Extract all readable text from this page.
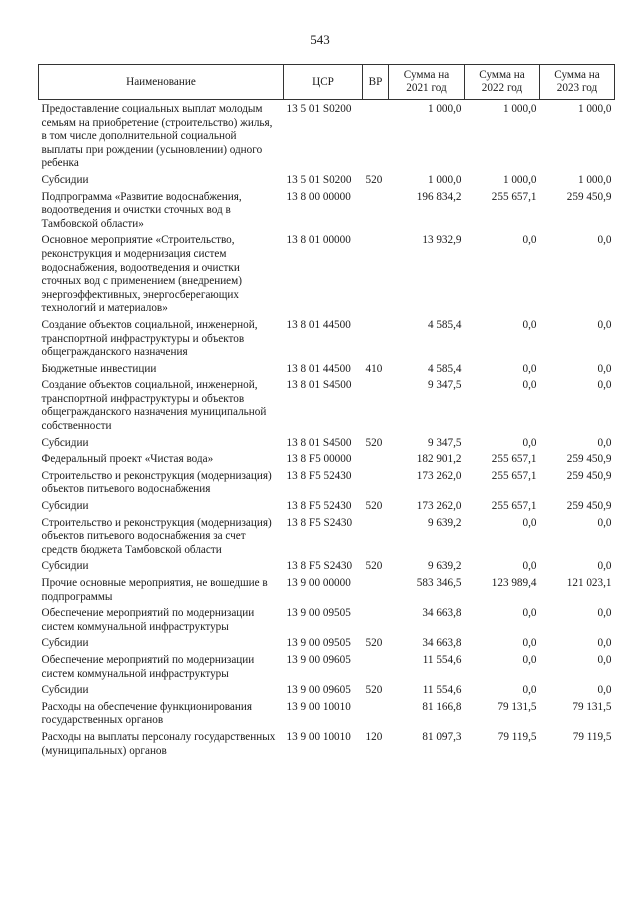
543
Наименование	ЦСР	ВР	Сумма на 2021 год	Сумма на 2022 год	Сумма на 2023 год
Предоставление социальных выплат молодым семьям на приобретение (строительство) жилья, в том числе дополнительной социальной выплаты при рождении (усыновлении) одного ребенка	13 5 01 S0200		1 000,0	1 000,0	1 000,0
Субсидии	13 5 01 S0200	520	1 000,0	1 000,0	1 000,0
Подпрограмма «Развитие водоснабжения, водоотведения и очистки сточных вод в Тамбовской области»	13 8 00 00000		196 834,2	255 657,1	259 450,9
Основное мероприятие «Строительство, реконструкция и модернизация систем водоснабжения, водоотведения и очистки сточных вод с применением (внедрением) энергоэффективных, энергосберегающих технологий и материалов»	13 8 01 00000		13 932,9	0,0	0,0
Создание объектов социальной, инженерной, транспортной инфраструктуры и объектов общегражданского назначения	13 8 01 44500		4 585,4	0,0	0,0
Бюджетные инвестиции	13 8 01 44500	410	4 585,4	0,0	0,0
Создание объектов социальной, инженерной, транспортной инфраструктуры и объектов общегражданского назначения муниципальной собственности	13 8 01 S4500		9 347,5	0,0	0,0
Субсидии	13 8 01 S4500	520	9 347,5	0,0	0,0
Федеральный проект «Чистая вода»	13 8 F5 00000		182 901,2	255 657,1	259 450,9
Строительство и реконструкция (модернизация) объектов питьевого водоснабжения	13 8 F5 52430		173 262,0	255 657,1	259 450,9
Субсидии	13 8 F5 52430	520	173 262,0	255 657,1	259 450,9
Строительство и реконструкция (модернизация) объектов питьевого водоснабжения за счет средств бюджета Тамбовской области	13 8 F5 S2430		9 639,2	0,0	0,0
Субсидии	13 8 F5 S2430	520	9 639,2	0,0	0,0
Прочие основные мероприятия, не вошедшие в подпрограммы	13 9 00 00000		583 346,5	123 989,4	121 023,1
Обеспечение мероприятий по модернизации систем коммунальной инфраструктуры	13 9 00 09505		34 663,8	0,0	0,0
Субсидии	13 9 00 09505	520	34 663,8	0,0	0,0
Обеспечение мероприятий по модернизации систем коммунальной инфраструктуры	13 9 00 09605		11 554,6	0,0	0,0
Субсидии	13 9 00 09605	520	11 554,6	0,0	0,0
Расходы на обеспечение функционирования государственных органов	13 9 00 10010		81 166,8	79 131,5	79 131,5
Расходы на выплаты персоналу государственных (муниципальных) органов	13 9 00 10010	120	81 097,3	79 119,5	79 119,5
